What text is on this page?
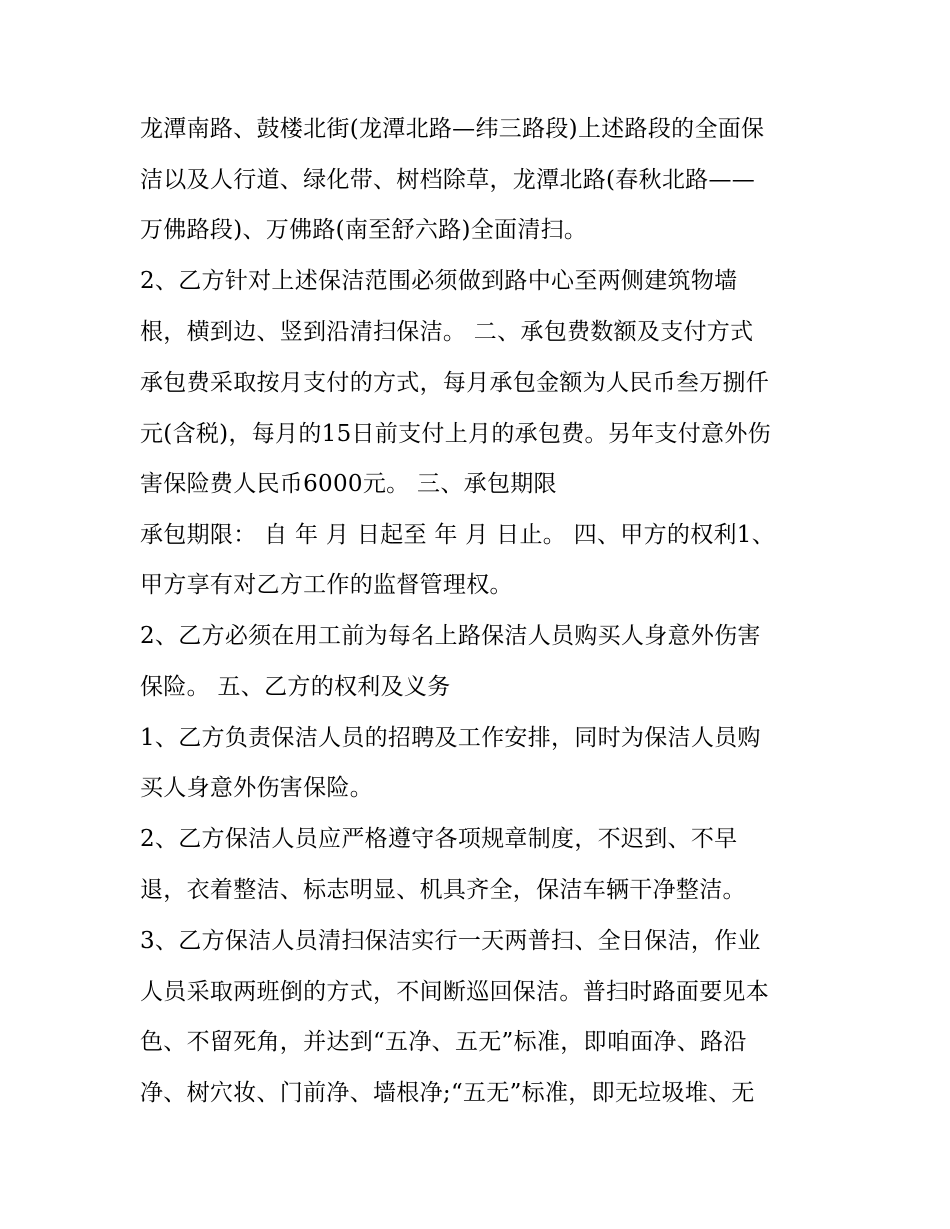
龙潭南路、鼓楼北街(龙潭北路—纬三路段)上述路段的全面保
洁以及人行道、绿化带、树档除草，龙潭北路(春秋北路——
万佛路段)、万佛路(南至舒六路)全面清扫。
2、乙方针对上述保洁范围必须做到路中心至两侧建筑物墙
根，横到边、竖到沿清扫保洁。 二、承包费数额及支付方式
承包费采取按月支付的方式，每月承包金额为人民币叁万捌仟
元(含税)，每月的15日前支付上月的承包费。另年支付意外伤
害保险费人民币6000元。 三、承包期限
承包期限： 自 年 月 日起至 年 月 日止。 四、甲方的权利1、
甲方享有对乙方工作的监督管理权。
2、乙方必须在用工前为每名上路保洁人员购买人身意外伤害
保险。 五、乙方的权利及义务
1、乙方负责保洁人员的招聘及工作安排，同时为保洁人员购
买人身意外伤害保险。
2、乙方保洁人员应严格遵守各项规章制度，不迟到、不早
退，衣着整洁、标志明显、机具齐全，保洁车辆干净整洁。
3、乙方保洁人员清扫保洁实行一天两普扫、全日保洁，作业
人员采取两班倒的方式，不间断巡回保洁。普扫时路面要见本
色、不留死角，并达到“五净、五无”标准，即咱面净、路沿
净、树穴妆、门前净、墙根净;“五无”标准，即无垃圾堆、无
